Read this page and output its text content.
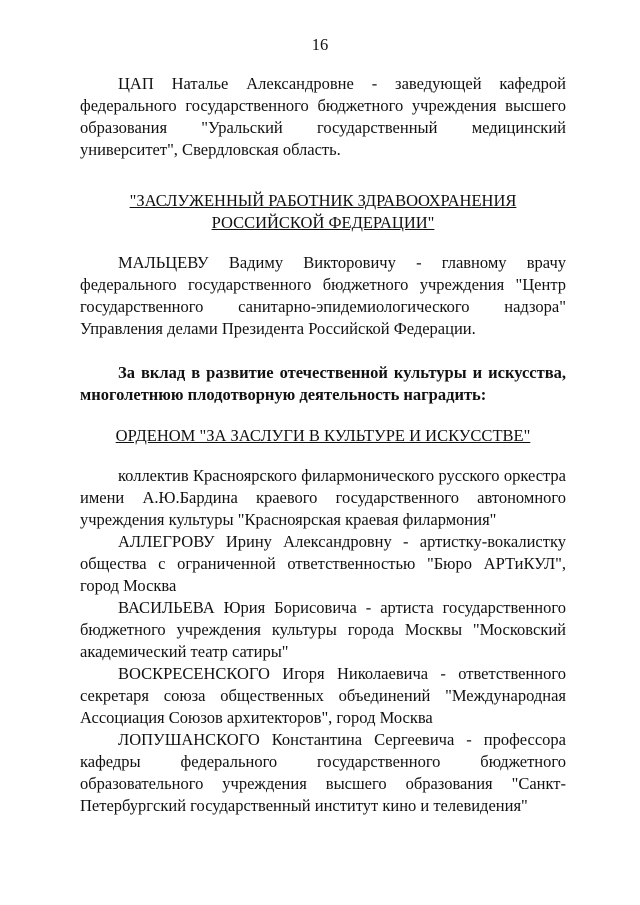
16

ЦАП Наталье Александровне - заведующей кафедрой федерального государственного бюджетного учреждения высшего образования "Уральский государственный медицинский университет", Свердловская область.

"ЗАСЛУЖЕННЫЙ РАБОТНИК ЗДРАВООХРАНЕНИЯ РОССИЙСКОЙ ФЕДЕРАЦИИ"

МАЛЬЦЕВУ Вадиму Викторовичу - главному врачу федерального государственного бюджетного учреждения "Центр государственного санитарно-эпидемиологического надзора" Управления делами Президента Российской Федерации.

За вклад в развитие отечественной культуры и искусства, многолетнюю плодотворную деятельность наградить:

ОРДЕНОМ "ЗА ЗАСЛУГИ В КУЛЬТУРЕ И ИСКУССТВЕ"

коллектив Красноярского филармонического русского оркестра имени А.Ю.Бардина краевого государственного автономного учреждения культуры "Красноярская краевая филармония"

АЛЛЕГРОВУ Ирину Александровну - артистку-вокалистку общества с ограниченной ответственностью "Бюро АРТиКУЛ", город Москва

ВАСИЛЬЕВА Юрия Борисовича - артиста государственного бюджетного учреждения культуры города Москвы "Московский академический театр сатиры"

ВОСКРЕСЕНСКОГО Игоря Николаевича - ответственного секретаря союза общественных объединений "Международная Ассоциация Союзов архитекторов", город Москва

ЛОПУШАНСКОГО Константина Сергеевича - профессора кафедры федерального государственного бюджетного образовательного учреждения высшего образования "Санкт-Петербургский государственный институт кино и телевидения"
